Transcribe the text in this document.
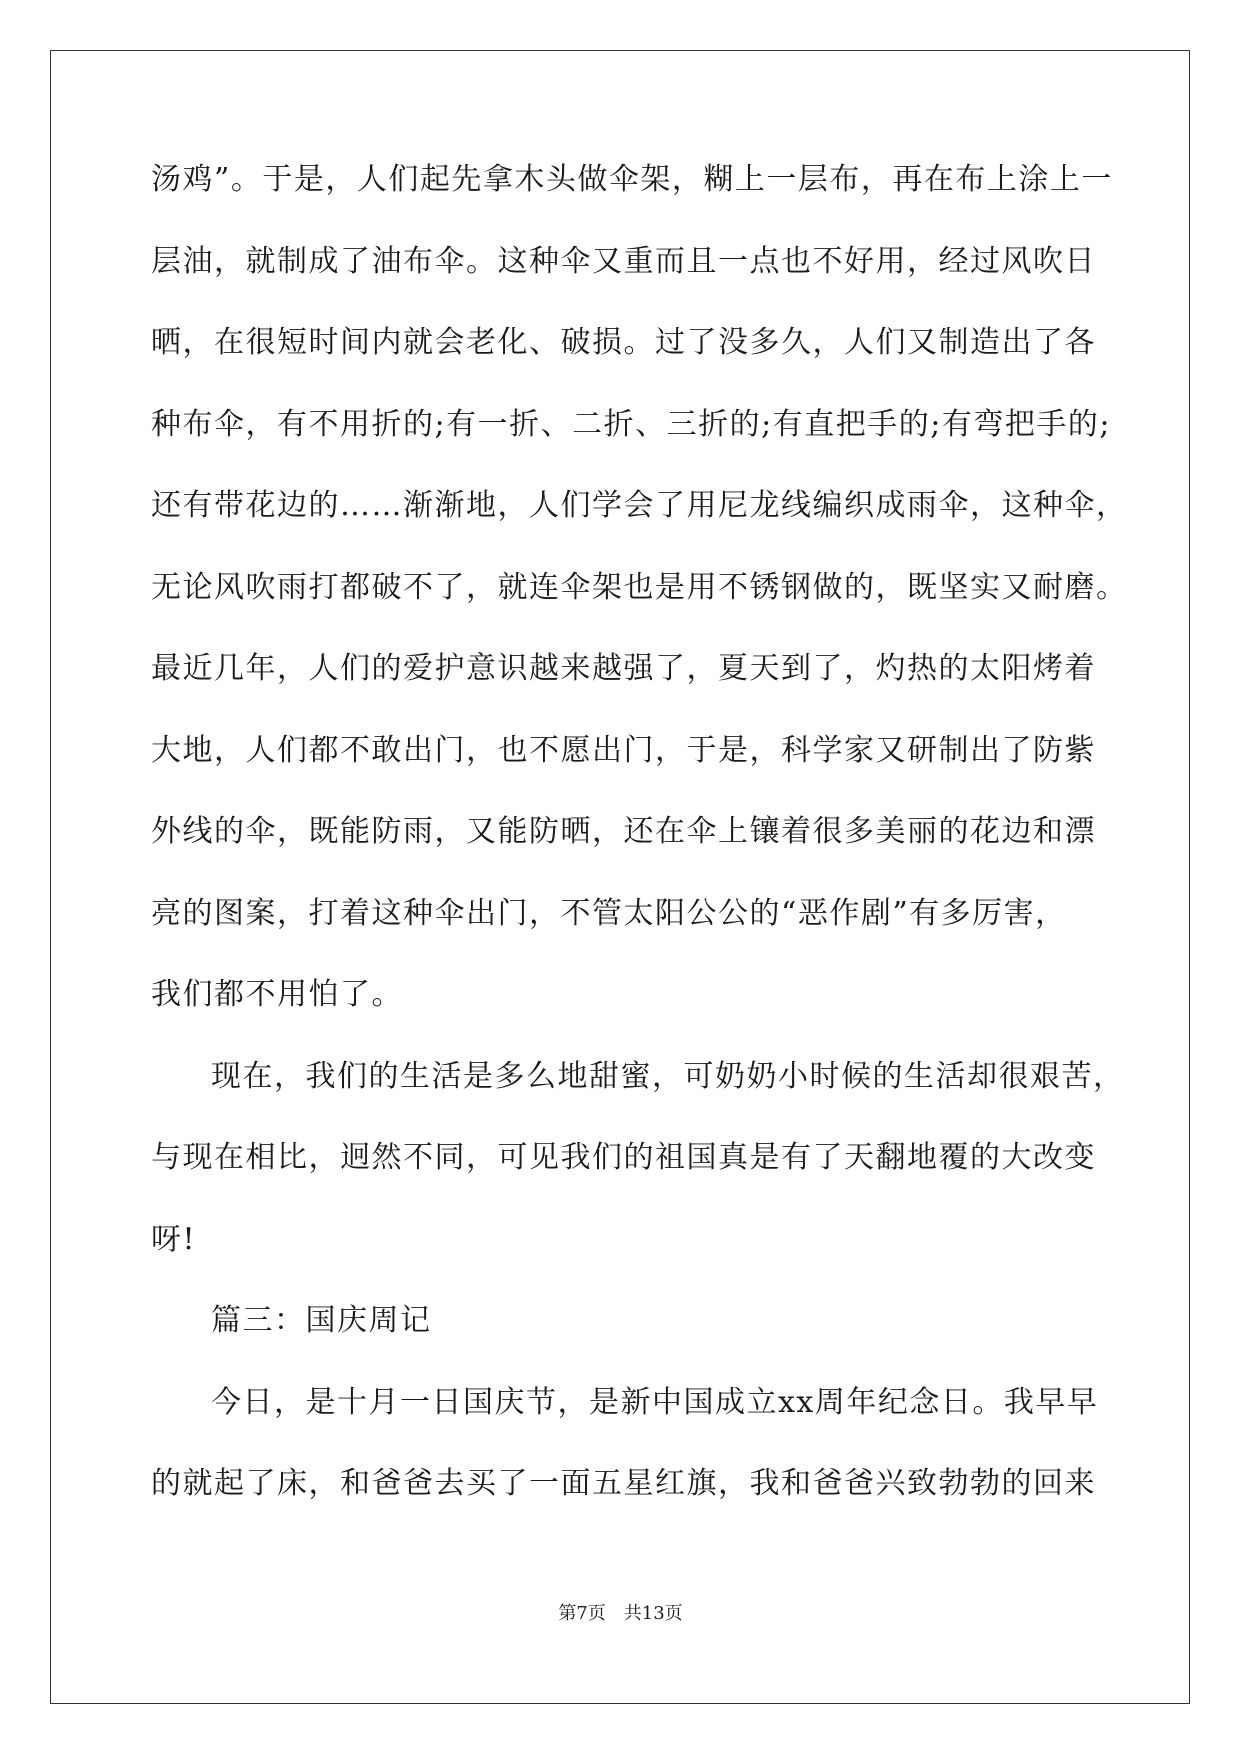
汤鸡”。于是，人们起先拿木头做伞架，糊上一层布，再在布上涂上一
层油，就制成了油布伞。这种伞又重而且一点也不好用，经过风吹日
晒，在很短时间内就会老化、破损。过了没多久，人们又制造出了各
种布伞，有不用折的;有一折、二折、三折的;有直把手的;有弯把手的;
还有带花边的……渐渐地，人们学会了用尼龙线编织成雨伞，这种伞，
无论风吹雨打都破不了，就连伞架也是用不锈钢做的，既坚实又耐磨。
最近几年，人们的爱护意识越来越强了，夏天到了，灼热的太阳烤着
大地，人们都不敢出门，也不愿出门，于是，科学家又研制出了防紫
外线的伞，既能防雨，又能防晒，还在伞上镶着很多美丽的花边和漂
亮的图案，打着这种伞出门，不管太阳公公的“恶作剧”有多厉害，
我们都不用怕了。
现在，我们的生活是多么地甜蜜，可奶奶小时候的生活却很艰苦，
与现在相比，迥然不同，可见我们的祖国真是有了天翻地覆的大改变
呀!
篇三：国庆周记
今日，是十月一日国庆节，是新中国成立xx周年纪念日。我早早
的就起了床，和爸爸去买了一面五星红旗，我和爸爸兴致勃勃的回来
第7页　共13页
